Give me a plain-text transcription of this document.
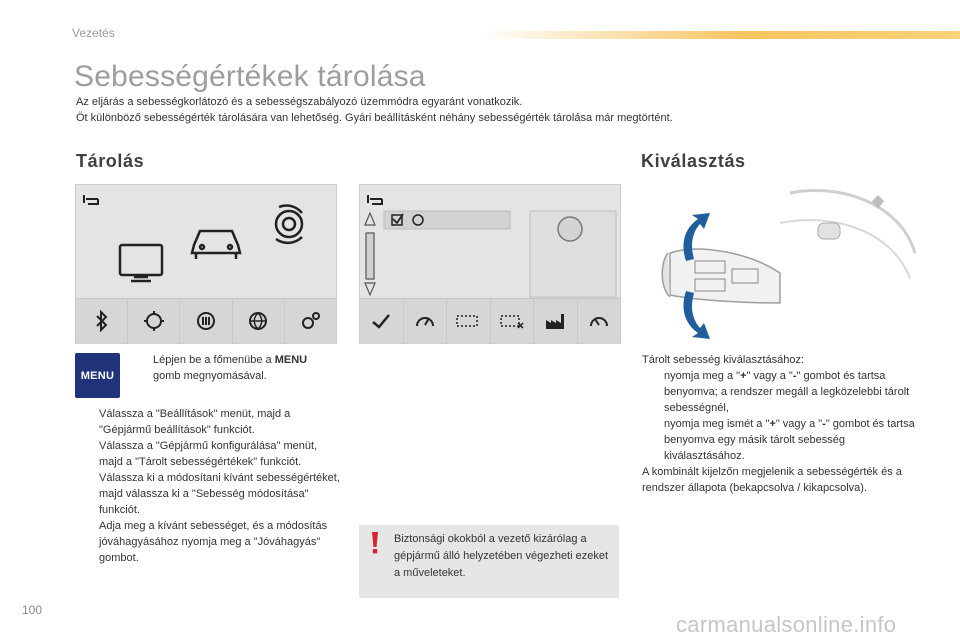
Vezetés
Sebességértékek tárolása
Az eljárás a sebességkorlátozó és a sebességszabályozó üzemmódra egyaránt vonatkozik.
Öt különböző sebességérték tárolására van lehetőség. Gyári beállításként néhány sebességérték tárolása már megtörtént.
Tárolás	Kiválasztás
MENU
Lépjen be a főmenübe a MENU gomb megnyomásával.
Válassza a "Beállítások" menüt, majd a "Gépjármű beállítások" funkciót.
Válassza a "Gépjármű konfigurálása" menüt, majd a "Tárolt sebességértékek" funkciót.
Válassza ki a módosítani kívánt sebességértéket, majd válassza ki a "Sebesség módosítása" funkciót.
Adja meg a kívánt sebességet, és a módosítás jóváhagyásához nyomja meg a "Jóváhagyás" gombot.
Biztonsági okokból a vezető kizárólag a gépjármű álló helyzetében végezheti ezeket a műveleteket.
Tárolt sebesség kiválasztásához:
nyomja meg a "+" vagy a "-" gombot és tartsa benyomva; a rendszer megáll a legközelebbi tárolt sebességnél,
nyomja meg ismét a "+" vagy a "-" gombot és tartsa benyomva egy másik tárolt sebesség kiválasztásához.
A kombinált kijelzőn megjelenik a sebességérték és a rendszer állapota (bekapcsolva / kikapcsolva).
100
carmanualsonline.info
